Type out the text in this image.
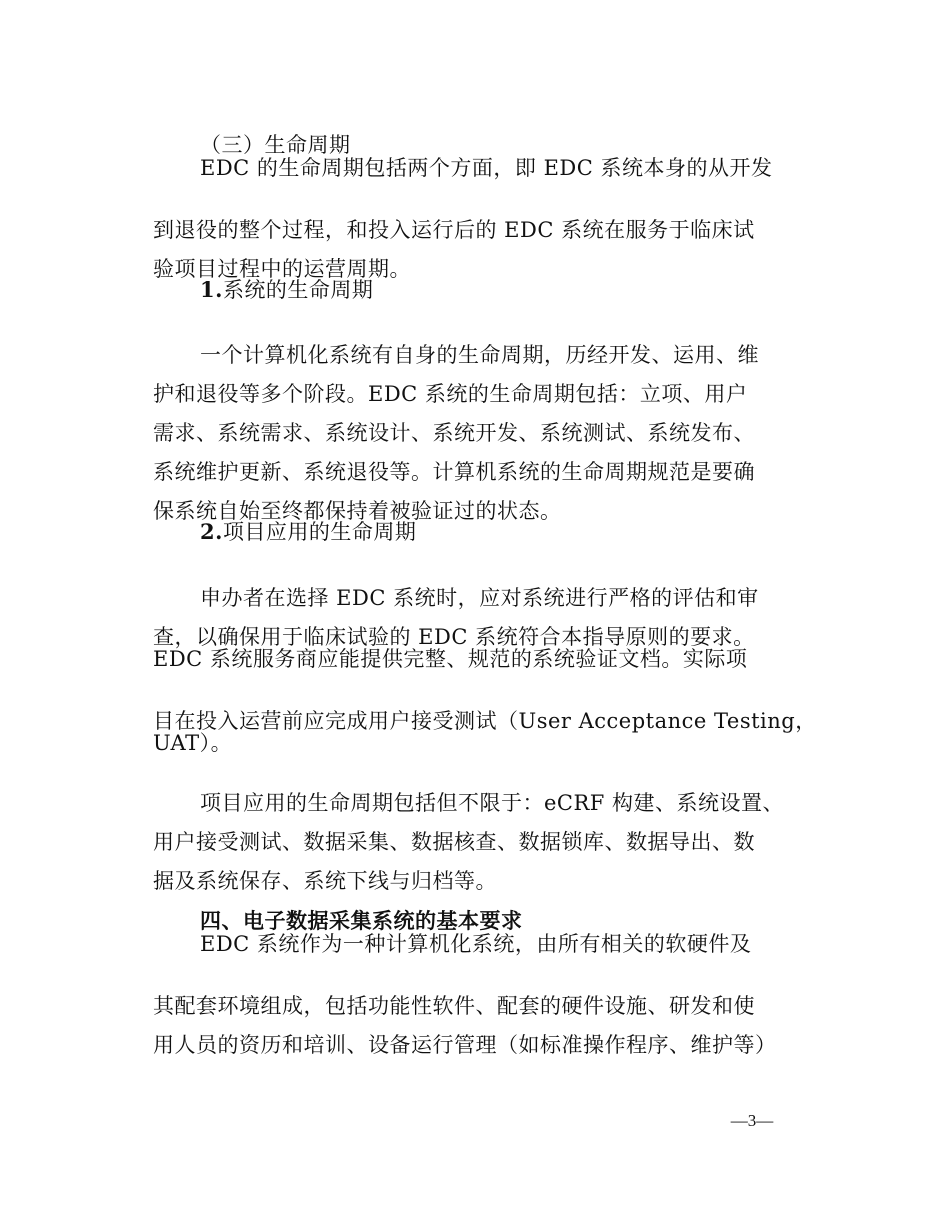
（三）生命周期
EDC 的生命周期包括两个方面，即 EDC 系统本身的从开发
到退役的整个过程，和投入运行后的 EDC 系统在服务于临床试
验项目过程中的运营周期。
1.系统的生命周期
一个计算机化系统有自身的生命周期，历经开发、运用、维
护和退役等多个阶段。EDC 系统的生命周期包括：立项、用户
需求、系统需求、系统设计、系统开发、系统测试、系统发布、
系统维护更新、系统退役等。计算机系统的生命周期规范是要确
保系统自始至终都保持着被验证过的状态。
2.项目应用的生命周期
申办者在选择 EDC 系统时，应对系统进行严格的评估和审
查，以确保用于临床试验的 EDC 系统符合本指导原则的要求。
EDC 系统服务商应能提供完整、规范的系统验证文档。实际项
目在投入运营前应完成用户接受测试（User Acceptance Testing，
UAT）。
项目应用的生命周期包括但不限于：eCRF 构建、系统设置、
用户接受测试、数据采集、数据核查、数据锁库、数据导出、数
据及系统保存、系统下线与归档等。
四、电子数据采集系统的基本要求
EDC 系统作为一种计算机化系统，由所有相关的软硬件及
其配套环境组成，包括功能性软件、配套的硬件设施、研发和使
用人员的资历和培训、设备运行管理（如标准操作程序、维护等）
—3—
